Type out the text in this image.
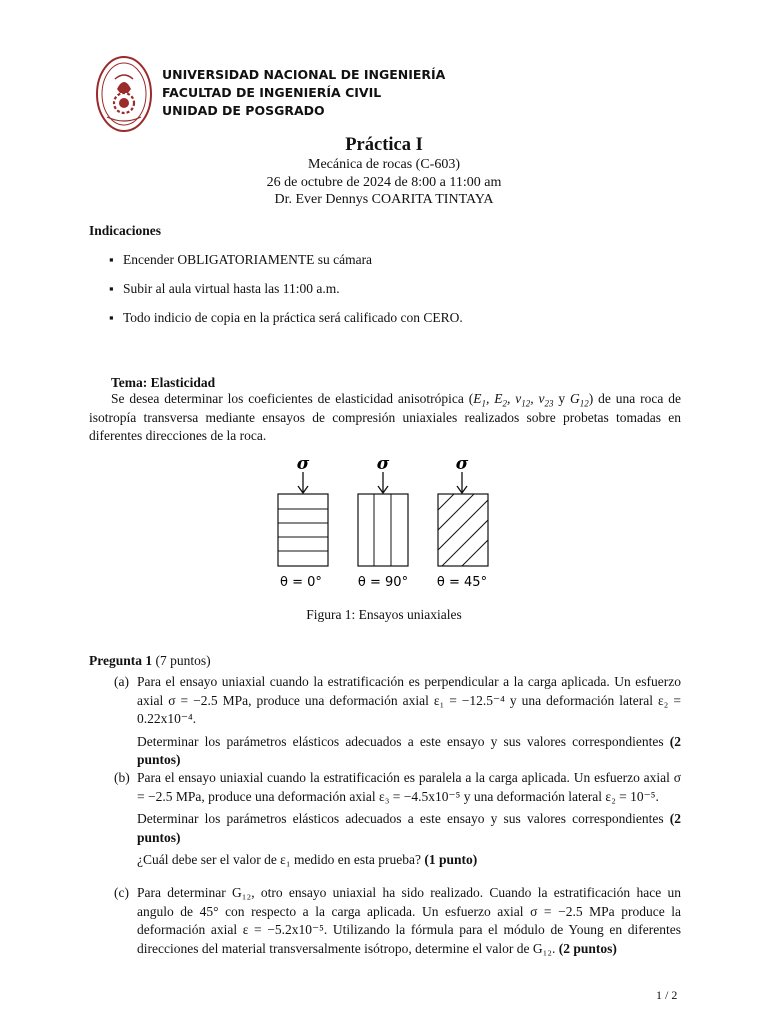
UNIVERSIDAD NACIONAL DE INGENIERÍA
FACULTAD DE INGENIERÍA CIVIL
UNIDAD DE POSGRADO
Práctica I
Mecánica de rocas (C-603)
26 de octubre de 2024 de 8:00 a 11:00 am
Dr. Ever Dennys COARITA TINTAYA
Indicaciones
▪ Encender OBLIGATORIAMENTE su cámara
▪ Subir al aula virtual hasta las 11:00 a.m.
▪ Todo indicio de copia en la práctica será calificado con CERO.
Tema: Elasticidad
Se desea determinar los coeficientes de elasticidad anisotrópica ($E_1$, $E_2$, $\nu_{12}$, $\nu_{23}$ y $G_{12}$) de una roca de isotropía transversa mediante ensayos de compresión uniaxiales realizados sobre probetas tomadas en diferentes direcciones de la roca.
σ
θ = 0°
σ
θ = 90°
σ
θ = 45°
Figura 1: Ensayos uniaxiales
Pregunta 1 (7 puntos)
(a) Para el ensayo uniaxial cuando la estratificación es perpendicular a la carga aplicada. Un esfuerzo axial σ = −2.5 MPa, produce una deformación axial ε₁ = −12.5⁻⁴ y una deformación lateral ε₂ = 0.22x10⁻⁴.

Determinar los parámetros elásticos adecuados a este ensayo y sus valores correspondientes (2 puntos)

(b) Para el ensayo uniaxial cuando la estratificación es paralela a la carga aplicada. Un esfuerzo axial σ = −2.5 MPa, produce una deformación axial ε₃ = −4.5x10⁻⁵ y una deformación lateral ε₂ = 10⁻⁵.

Determinar los parámetros elásticos adecuados a este ensayo y sus valores correspondientes (2 puntos)

¿Cuál debe ser el valor de ε₁ medido en esta prueba? (1 punto)

(c) Para determinar G₁₂, otro ensayo uniaxial ha sido realizado. Cuando la estratificación hace un angulo de 45° con respecto a la carga aplicada. Un esfuerzo axial σ = −2.5 MPa produce la deformación axial ε = −5.2x10⁻⁵. Utilizando la fórmula para el módulo de Young en diferentes direcciones del material transversalmente isótropo, determine el valor de G₁₂. (2 puntos)

1 / 2
